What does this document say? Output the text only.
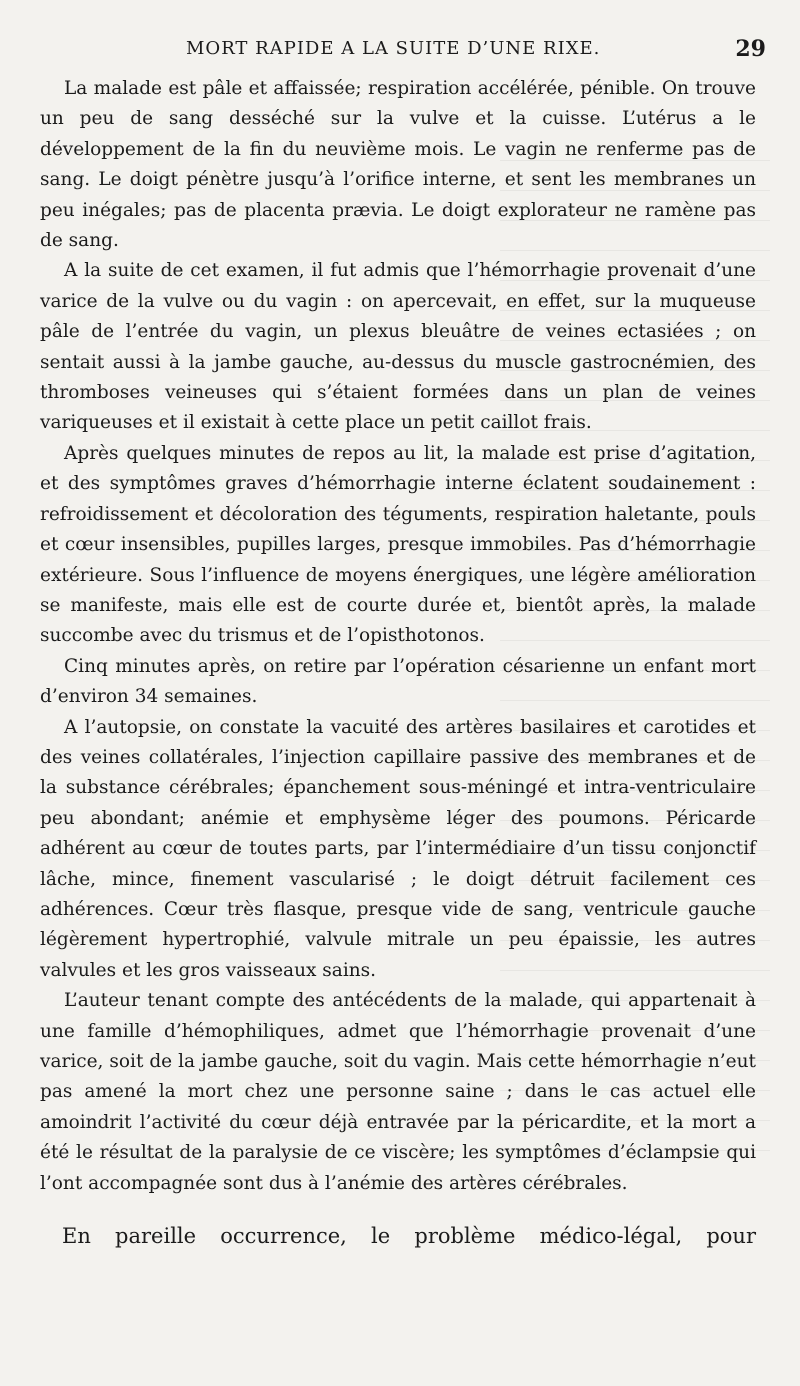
MORT RAPIDE A LA SUITE D’UNE RIXE.	29

La malade est pâle et affaissée; respiration accélérée, pénible. On trouve un peu de sang desséché sur la vulve et la cuisse. L’utérus a le développement de la fin du neuvième mois. Le vagin ne renferme pas de sang. Le doigt pénètre jusqu’à l’orifice interne, et sent les membranes un peu inégales; pas de placenta prævia. Le doigt explorateur ne ramène pas de sang.

A la suite de cet examen, il fut admis que l’hémorrhagie provenait d’une varice de la vulve ou du vagin : on apercevait, en effet, sur la muqueuse pâle de l’entrée du vagin, un plexus bleuâtre de veines ectasiées ; on sentait aussi à la jambe gauche, au-dessus du muscle gastrocnémien, des thromboses veineuses qui s’étaient formées dans un plan de veines variqueuses et il existait à cette place un petit caillot frais.

Après quelques minutes de repos au lit, la malade est prise d’agitation, et des symptômes graves d’hémorrhagie interne éclatent soudainement : refroidissement et décoloration des téguments, respiration haletante, pouls et cœur insensibles, pupilles larges, presque immobiles. Pas d’hémorrhagie extérieure. Sous l’influence de moyens énergiques, une légère amélioration se manifeste, mais elle est de courte durée et, bientôt après, la malade succombe avec du trismus et de l’opisthotonos.

Cinq minutes après, on retire par l’opération césarienne un enfant mort d’environ 34 semaines.

A l’autopsie, on constate la vacuité des artères basilaires et carotides et des veines collatérales, l’injection capillaire passive des membranes et de la substance cérébrales; épanchement sous-méningé et intra-ventriculaire peu abondant; anémie et emphysème léger des poumons. Péricarde adhérent au cœur de toutes parts, par l’intermédiaire d’un tissu conjonctif lâche, mince, finement vascularisé ; le doigt détruit facilement ces adhérences. Cœur très flasque, presque vide de sang, ventricule gauche légèrement hypertrophié, valvule mitrale un peu épaissie, les autres valvules et les gros vaisseaux sains.

L’auteur tenant compte des antécédents de la malade, qui appartenait à une famille d’hémophiliques, admet que l’hémorrhagie provenait d’une varice, soit de la jambe gauche, soit du vagin. Mais cette hémorrhagie n’eut pas amené la mort chez une personne saine ; dans le cas actuel elle amoindrit l’activité du cœur déjà entravée par la péricardite, et la mort a été le résultat de la paralysie de ce viscère; les symptômes d’éclampsie qui l’ont accompagnée sont dus à l’anémie des artères cérébrales.

En pareille occurrence, le problème médico-légal, pour
